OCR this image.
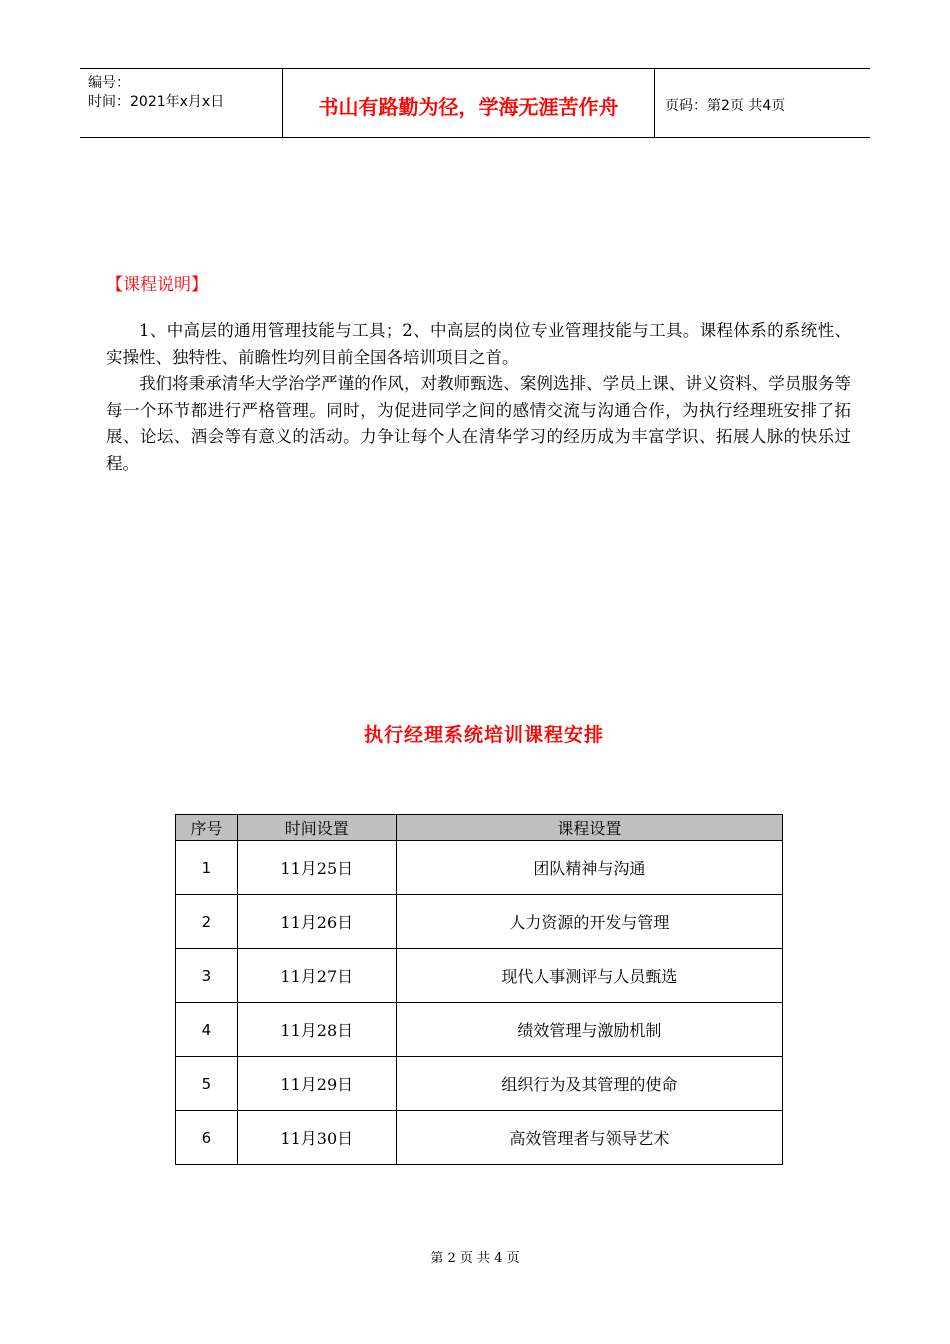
编号：
时间：2021年x月x日	书山有路勤为径，学海无涯苦作舟	页码：第2页 共4页
【课程说明】

1、中高层的通用管理技能与工具；2、中高层的岗位专业管理技能与工具。课程体系的系统性、实操性、独特性、前瞻性均列目前全国各培训项目之首。

我们将秉承清华大学治学严谨的作风，对教师甄选、案例选排、学员上课、讲义资料、学员服务等每一个环节都进行严格管理。同时，为促进同学之间的感情交流与沟通合作，为执行经理班安排了拓展、论坛、酒会等有意义的活动。力争让每个人在清华学习的经历成为丰富学识、拓展人脉的快乐过程。

执行经理系统培训课程安排
序号	时间设置	课程设置
1	11月25日	团队精神与沟通
2	11月26日	人力资源的开发与管理
3	11月27日	现代人事测评与人员甄选
4	11月28日	绩效管理与激励机制
5	11月29日	组织行为及其管理的使命
6	11月30日	高效管理者与领导艺术
第 2 页 共 4 页
